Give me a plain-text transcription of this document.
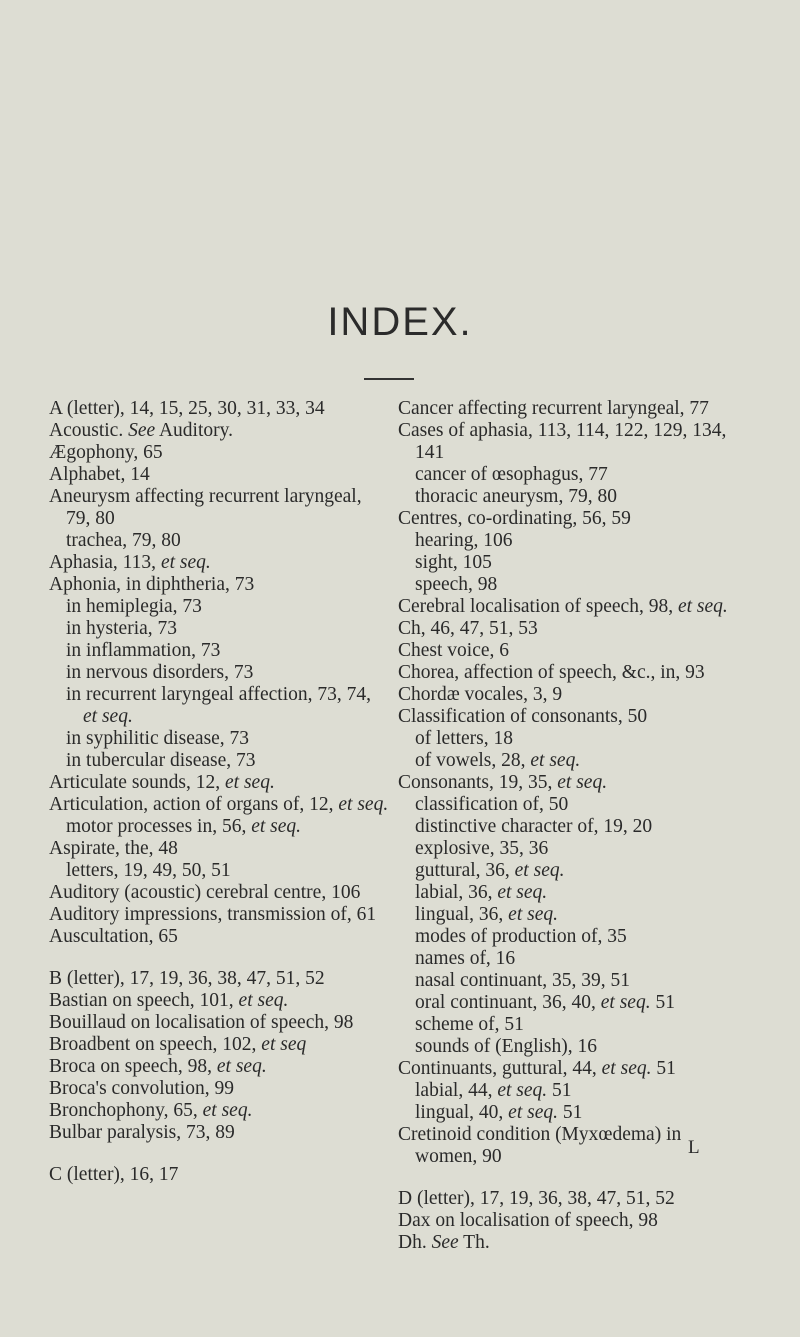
INDEX.
A (letter), 14, 15, 25, 30, 31, 33, 34
Acoustic. See Auditory.
Ægophony, 65
Alphabet, 14
Aneurysm affecting recurrent laryngeal, 79, 80
trachea, 79, 80
Aphasia, 113, et seq.
Aphonia, in diphtheria, 73
in hemiplegia, 73
in hysteria, 73
in inflammation, 73
in nervous disorders, 73
in recurrent laryngeal affection, 73, 74, et seq.
in syphilitic disease, 73
in tubercular disease, 73
Articulate sounds, 12, et seq.
Articulation, action of organs of, 12, et seq.
motor processes in, 56, et seq.
Aspirate, the, 48
letters, 19, 49, 50, 51
Auditory (acoustic) cerebral centre, 106
Auditory impressions, transmission of, 61
Auscultation, 65
B (letter), 17, 19, 36, 38, 47, 51, 52
Bastian on speech, 101, et seq.
Bouillaud on localisation of speech, 98
Broadbent on speech, 102, et seq
Broca on speech, 98, et seq.
Broca's convolution, 99
Bronchophony, 65, et seq.
Bulbar paralysis, 73, 89
C (letter), 16, 17
Cancer affecting recurrent laryngeal, 77
Cases of aphasia, 113, 114, 122, 129, 134, 141
cancer of œsophagus, 77
thoracic aneurysm, 79, 80
Centres, co-ordinating, 56, 59
hearing, 106
sight, 105
speech, 98
Cerebral localisation of speech, 98, et seq.
Ch, 46, 47, 51, 53
Chest voice, 6
Chorea, affection of speech, &c., in, 93
Chordæ vocales, 3, 9
Classification of consonants, 50
of letters, 18
of vowels, 28, et seq.
Consonants, 19, 35, et seq.
classification of, 50
distinctive character of, 19, 20
explosive, 35, 36
guttural, 36, et seq.
labial, 36, et seq.
lingual, 36, et seq.
modes of production of, 35
names of, 16
nasal continuant, 35, 39, 51
oral continuant, 36, 40, et seq. 51
scheme of, 51
sounds of (English), 16
Continuants, guttural, 44, et seq. 51
labial, 44, et seq. 51
lingual, 40, et seq. 51
Cretinoid condition (Myxœdema) in women, 90
D (letter), 17, 19, 36, 38, 47, 51, 52
Dax on localisation of speech, 98
Dh. See Th.
L
